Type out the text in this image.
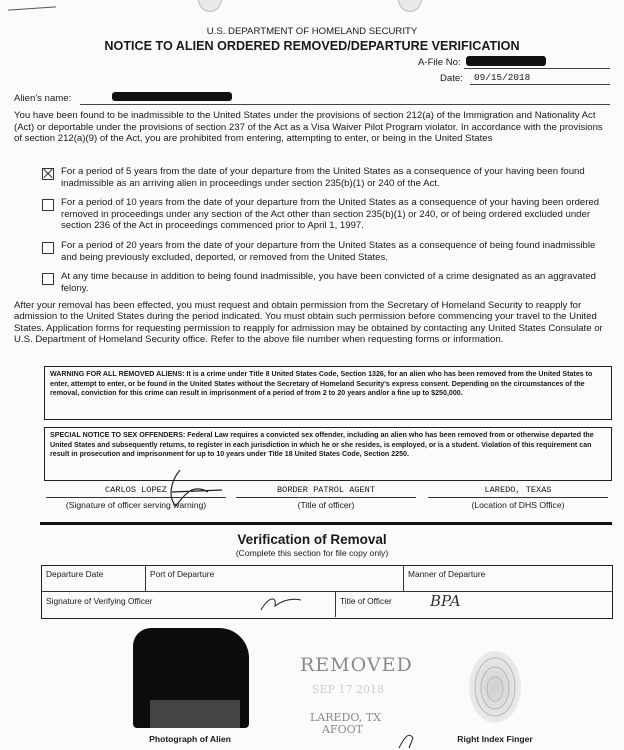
U.S. DEPARTMENT OF HOMELAND SECURITY
NOTICE TO ALIEN ORDERED REMOVED/DEPARTURE VERIFICATION
A-File No:
Date: 09/15/2018
Alien's name:
You have been found to be inadmissible to the United States under the provisions of section 212(a) of the Immigration and Nationality Act (Act) or deportable under the provisions of section 237 of the Act as a Visa Waiver Pilot Program violator. In accordance with the provisions of section 212(a)(9) of the Act, you are prohibited from entering, attempting to enter, or being in the United States
For a period of 5 years from the date of your departure from the United States as a consequence of your having been found inadmissible as an arriving alien in proceedings under section 235(b)(1) or 240 of the Act.
For a period of 10 years from the date of your departure from the United States as a consequence of your having been ordered removed in proceedings under any section of the Act other than section 235(b)(1) or 240, or of being ordered excluded under section 236 of the Act in proceedings commenced prior to April 1, 1997.
For a period of 20 years from the date of your departure from the United States as a consequence of being found inadmissible and being previously excluded, deported, or removed from the United States.
At any time because in addition to being found inadmissible, you have been convicted of a crime designated as an aggravated felony.
After your removal has been effected, you must request and obtain permission from the Secretary of Homeland Security to reapply for admission to the United States during the period indicated. You must obtain such permission before commencing your travel to the United States. Application forms for requesting permission to reapply for admission may be obtained by contacting any United States Consulate or U.S. Department of Homeland Security office. Refer to the above file number when requesting forms or information.
WARNING FOR ALL REMOVED ALIENS: It is a crime under Title 8 United States Code, Section 1326, for an alien who has been removed from the United States to enter, attempt to enter, or be found in the United States without the Secretary of Homeland Security's express consent. Depending on the circumstances of the removal, conviction for this crime can result in imprisonment of a period of from 2 to 20 years and/or a fine up to $250,000.
SPECIAL NOTICE TO SEX OFFENDERS: Federal Law requires a convicted sex offender, including an alien who has been removed from or otherwise departed the United States and subsequently returns, to register in each jurisdiction in which he or she resides, is employed, or is a student. Violation of this requirement can result in prosecution and imprisonment for up to 10 years under Title 18 United States Code, Section 2250.
CARLOS LOPEZ	BORDER PATROL AGENT	LAREDO, TEXAS
(Signature of officer serving warning)	(Title of officer)	(Location of DHS Office)
Verification of Removal
(Complete this section for file copy only)
Departure Date	Port of Departure	Manner of Departure
Signature of Verifying Officer	Title of Officer	BPA
Photograph of Alien
REMOVED
SEP 17 2018
LAREDO, TX
AFOOT
Right Index Finger
